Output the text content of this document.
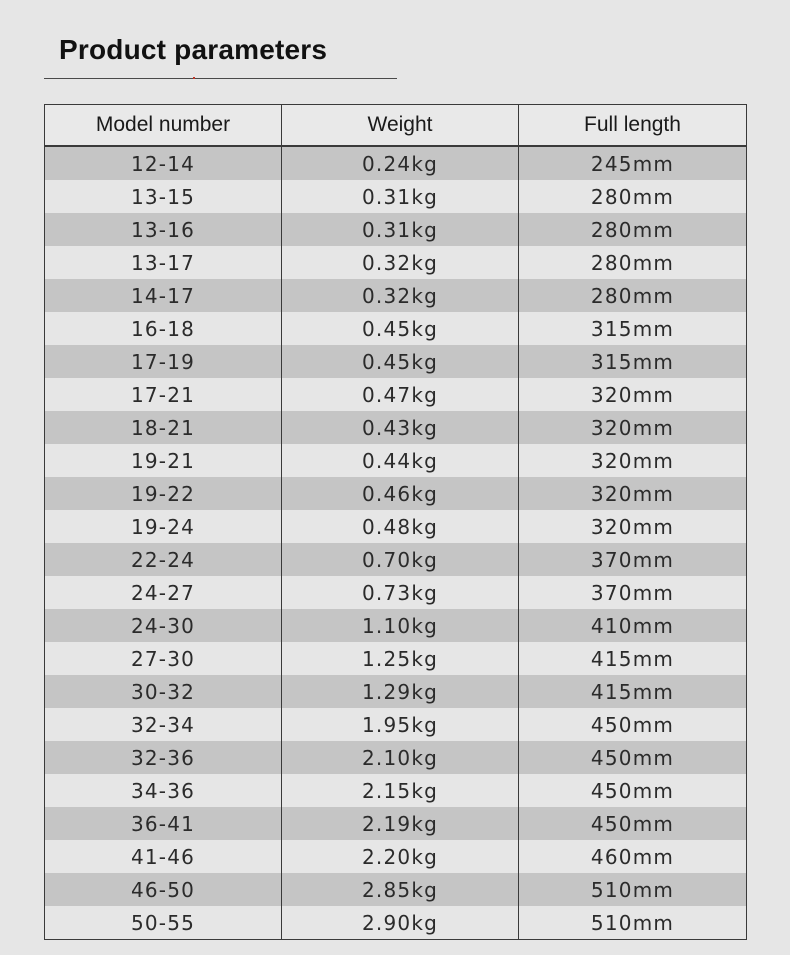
Product parameters
Model number	Weight	Full length
12-14	0.24kg	245mm
13-15	0.31kg	280mm
13-16	0.31kg	280mm
13-17	0.32kg	280mm
14-17	0.32kg	280mm
16-18	0.45kg	315mm
17-19	0.45kg	315mm
17-21	0.47kg	320mm
18-21	0.43kg	320mm
19-21	0.44kg	320mm
19-22	0.46kg	320mm
19-24	0.48kg	320mm
22-24	0.70kg	370mm
24-27	0.73kg	370mm
24-30	1.10kg	410mm
27-30	1.25kg	415mm
30-32	1.29kg	415mm
32-34	1.95kg	450mm
32-36	2.10kg	450mm
34-36	2.15kg	450mm
36-41	2.19kg	450mm
41-46	2.20kg	460mm
46-50	2.85kg	510mm
50-55	2.90kg	510mm
